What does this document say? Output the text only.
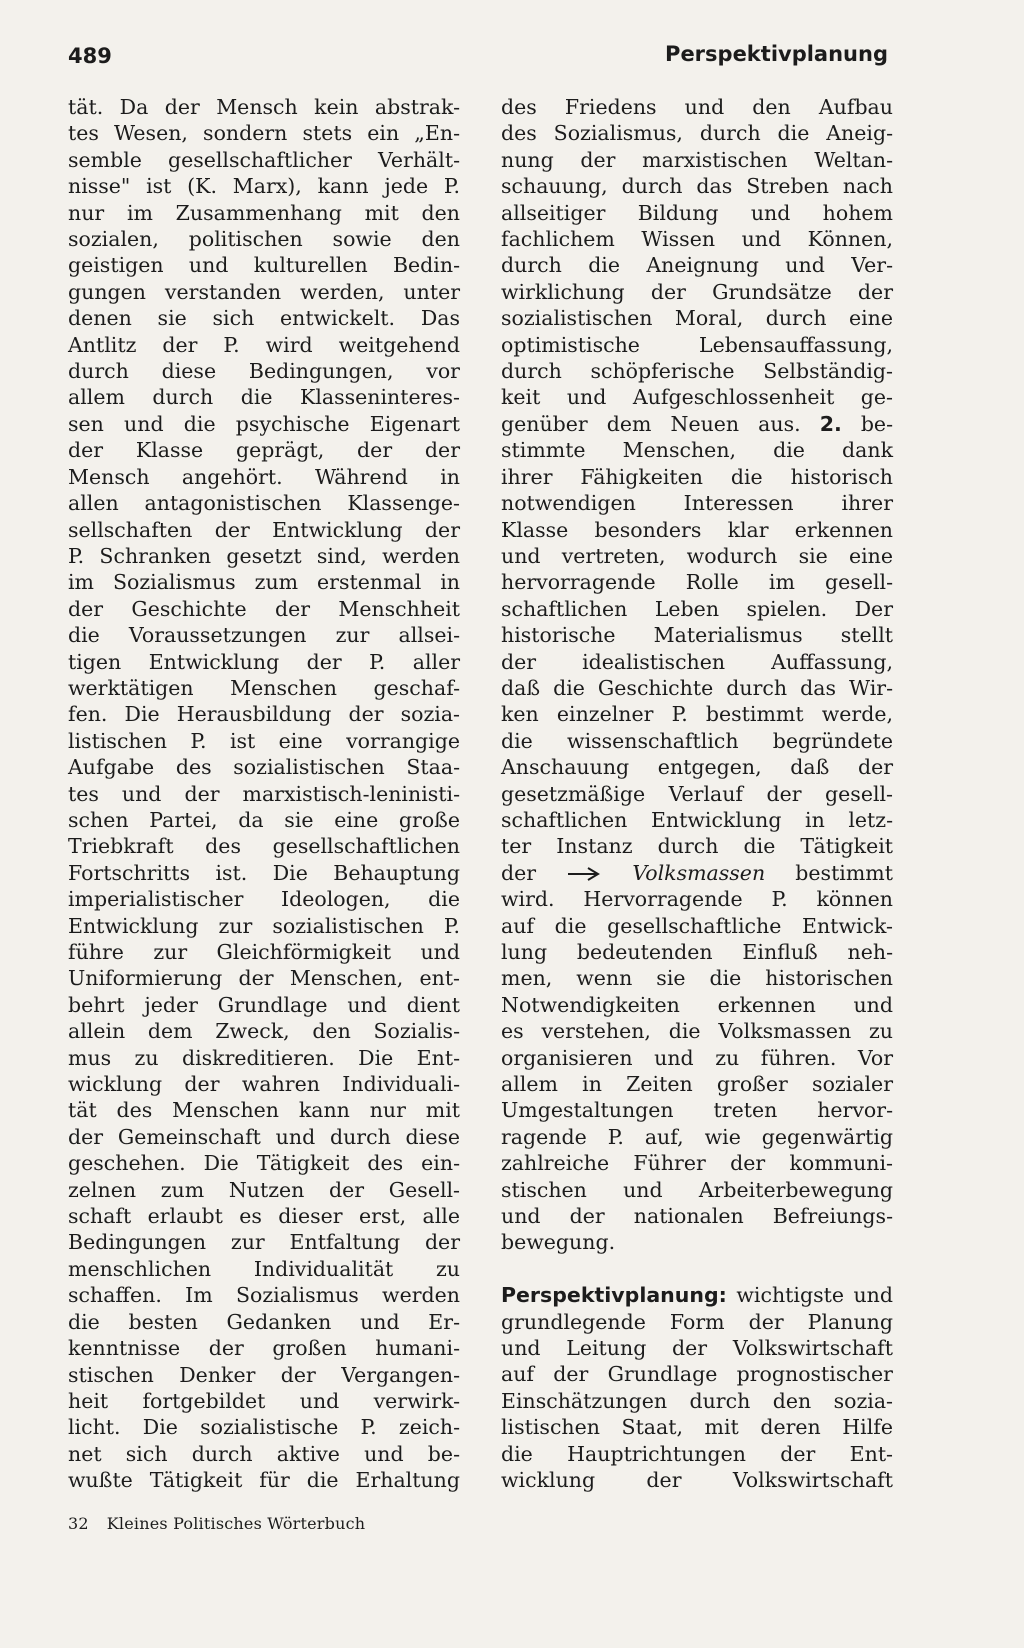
489	Perspektivplanung
tät. Da der Mensch kein abstrak-
tes Wesen, sondern stets ein „En-
semble gesellschaftlicher Verhält-
nisse" ist (K. Marx), kann jede P.
nur im Zusammenhang mit den
sozialen, politischen sowie den
geistigen und kulturellen Bedin-
gungen verstanden werden, unter
denen sie sich entwickelt. Das
Antlitz der P. wird weitgehend
durch diese Bedingungen, vor
allem durch die Klasseninteres-
sen und die psychische Eigenart
der Klasse geprägt, der der
Mensch angehört. Während in
allen antagonistischen Klassenge-
sellschaften der Entwicklung der
P. Schranken gesetzt sind, werden
im Sozialismus zum erstenmal in
der Geschichte der Menschheit
die Voraussetzungen zur allsei-
tigen Entwicklung der P. aller
werktätigen Menschen geschaf-
fen. Die Herausbildung der sozia-
listischen P. ist eine vorrangige
Aufgabe des sozialistischen Staa-
tes und der marxistisch-leninisti-
schen Partei, da sie eine große
Triebkraft des gesellschaftlichen
Fortschritts ist. Die Behauptung
imperialistischer Ideologen, die
Entwicklung zur sozialistischen P.
führe zur Gleichförmigkeit und
Uniformierung der Menschen, ent-
behrt jeder Grundlage und dient
allein dem Zweck, den Sozialis-
mus zu diskreditieren. Die Ent-
wicklung der wahren Individuali-
tät des Menschen kann nur mit
der Gemeinschaft und durch diese
geschehen. Die Tätigkeit des ein-
zelnen zum Nutzen der Gesell-
schaft erlaubt es dieser erst, alle
Bedingungen zur Entfaltung der
menschlichen Individualität zu
schaffen. Im Sozialismus werden
die besten Gedanken und Er-
kenntnisse der großen humani-
stischen Denker der Vergangen-
heit fortgebildet und verwirk-
licht. Die sozialistische P. zeich-
net sich durch aktive und be-
wußte Tätigkeit für die Erhaltung
des Friedens und den Aufbau
des Sozialismus, durch die Aneig-
nung der marxistischen Weltan-
schauung, durch das Streben nach
allseitiger Bildung und hohem
fachlichem Wissen und Können,
durch die Aneignung und Ver-
wirklichung der Grundsätze der
sozialistischen Moral, durch eine
optimistische Lebensauffassung,
durch schöpferische Selbständig-
keit und Aufgeschlossenheit ge-
genüber dem Neuen aus. 2. be-
stimmte Menschen, die dank
ihrer Fähigkeiten die historisch
notwendigen Interessen ihrer
Klasse besonders klar erkennen
und vertreten, wodurch sie eine
hervorragende Rolle im gesell-
schaftlichen Leben spielen. Der
historische Materialismus stellt
der idealistischen Auffassung,
daß die Geschichte durch das Wir-
ken einzelner P. bestimmt werde,
die wissenschaftlich begründete
Anschauung entgegen, daß der
gesetzmäßige Verlauf der gesell-
schaftlichen Entwicklung in letz-
ter Instanz durch die Tätigkeit
der	Volksmassen bestimmt
wird. Hervorragende P. können
auf die gesellschaftliche Entwick-
lung bedeutenden Einfluß neh-
men, wenn sie die historischen
Notwendigkeiten erkennen und
es verstehen, die Volksmassen zu
organisieren und zu führen. Vor
allem in Zeiten großer sozialer
Umgestaltungen treten hervor-
ragende P. auf, wie gegenwärtig
zahlreiche Führer der kommuni-
stischen und Arbeiterbewegung
und der nationalen Befreiungs-
bewegung.
Perspektivplanung: wichtigste und
grundlegende Form der Planung
und Leitung der Volkswirtschaft
auf der Grundlage prognostischer
Einschätzungen durch den sozia-
listischen Staat, mit deren Hilfe
die Hauptrichtungen der Ent-
wicklung der Volkswirtschaft
32 Kleines Politisches Wörterbuch
